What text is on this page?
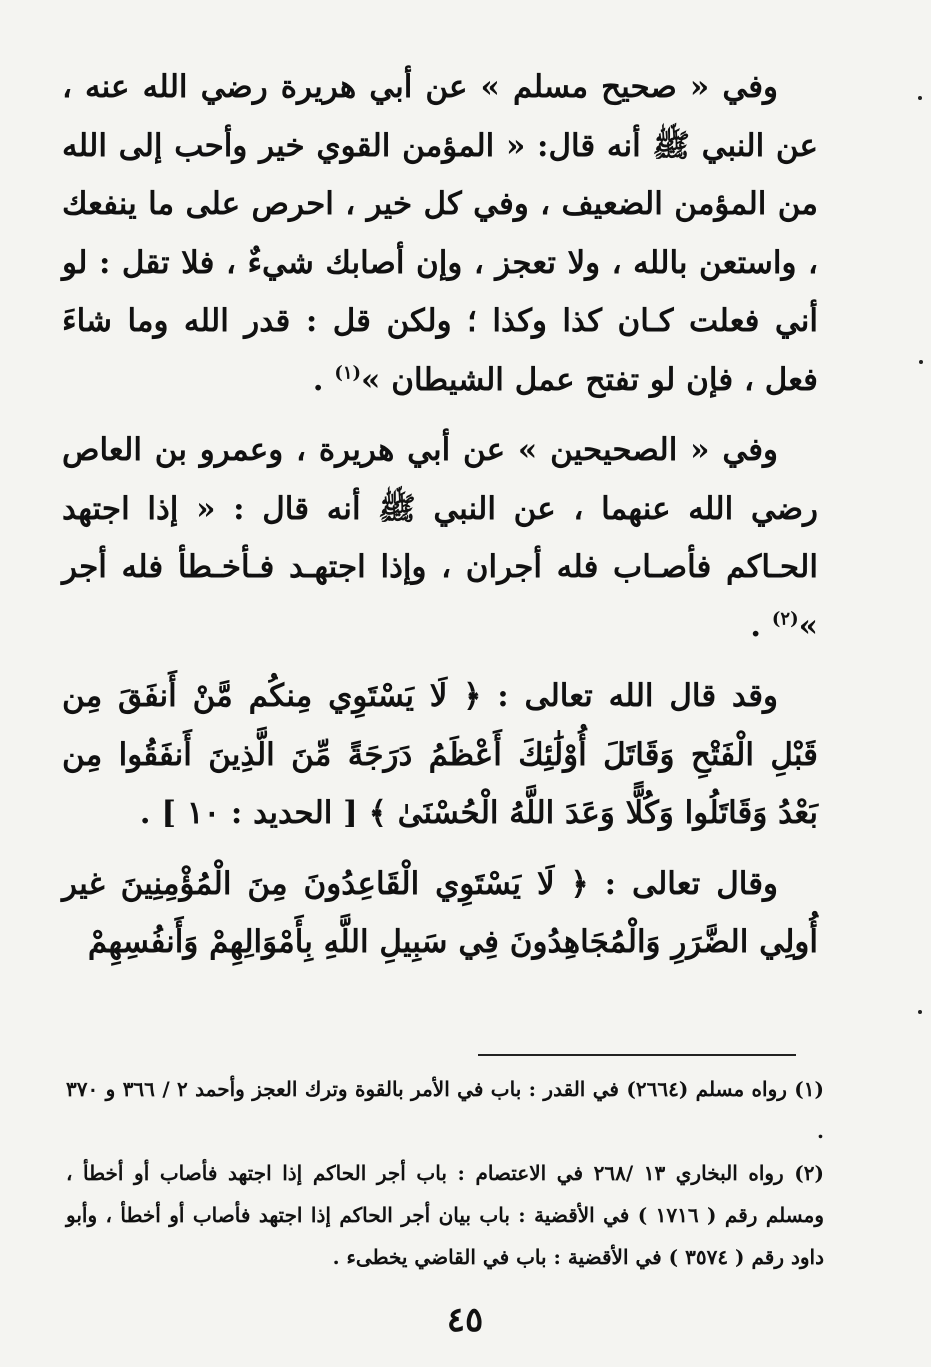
وفي « صحيح مسلم » عن أبي هريرة رضي الله عنه ، عن النبي ﷺ أنه قال: « المؤمن القوي خير وأحب إلى الله من المؤمن الضعيف ، وفي كل خير ، احرص على ما ينفعك ، واستعن بالله ، ولا تعجز ، وإن أصابك شيءٌ ، فلا تقل : لو أني فعلت كـان كذا وكذا ؛ ولكن قل : قدر الله وما شاءَ فعل ، فإن لو تفتح عمل الشيطان »$^{(١)}$ .

وفي « الصحيحين » عن أبي هريرة ، وعمرو بن العاص رضي الله عنهما ، عن النبي ﷺ أنه قال : « إذا اجتهد الحـاكم فأصـاب فله أجران ، وإذا اجتهـد فـأخـطأ فله أجر »$^{(٢)}$ .

وقد قال الله تعالى : ﴿ لَا يَسْتَوِي مِنكُم مَّنْ أَنفَقَ مِن قَبْلِ الْفَتْحِ وَقَاتَلَ أُوْلَٰئِكَ أَعْظَمُ دَرَجَةً مِّنَ الَّذِينَ أَنفَقُوا مِن بَعْدُ وَقَاتَلُوا وَكُلًّا وَعَدَ اللَّهُ الْحُسْنَىٰ ﴾ [ الحديد : ١٠ ] .

وقال تعالى : ﴿ لَا يَسْتَوِي الْقَاعِدُونَ مِنَ الْمُؤْمِنِينَ غير أُولِي الضَّرَرِ وَالْمُجَاهِدُونَ فِي سَبِيلِ اللَّهِ بِأَمْوَالِهِمْ وَأَنفُسِهِمْ

(١) رواه مسلم (٢٦٦٤) في القدر : باب في الأمر بالقوة وترك العجز وأحمد ٢ / ٣٦٦ و ٣٧٠ .

(٢) رواه البخاري ١٣ /٢٦٨ في الاعتصام : باب أجر الحاكم إذا اجتهد فأصاب أو أخطأ ، ومسلم رقم ( ١٧١٦ ) في الأقضية : باب بيان أجر الحاكم إذا اجتهد فأصاب أو أخطأ ، وأبو داود رقم ( ٣٥٧٤ ) في الأقضية : باب في القاضي يخطىء .

٤٥
